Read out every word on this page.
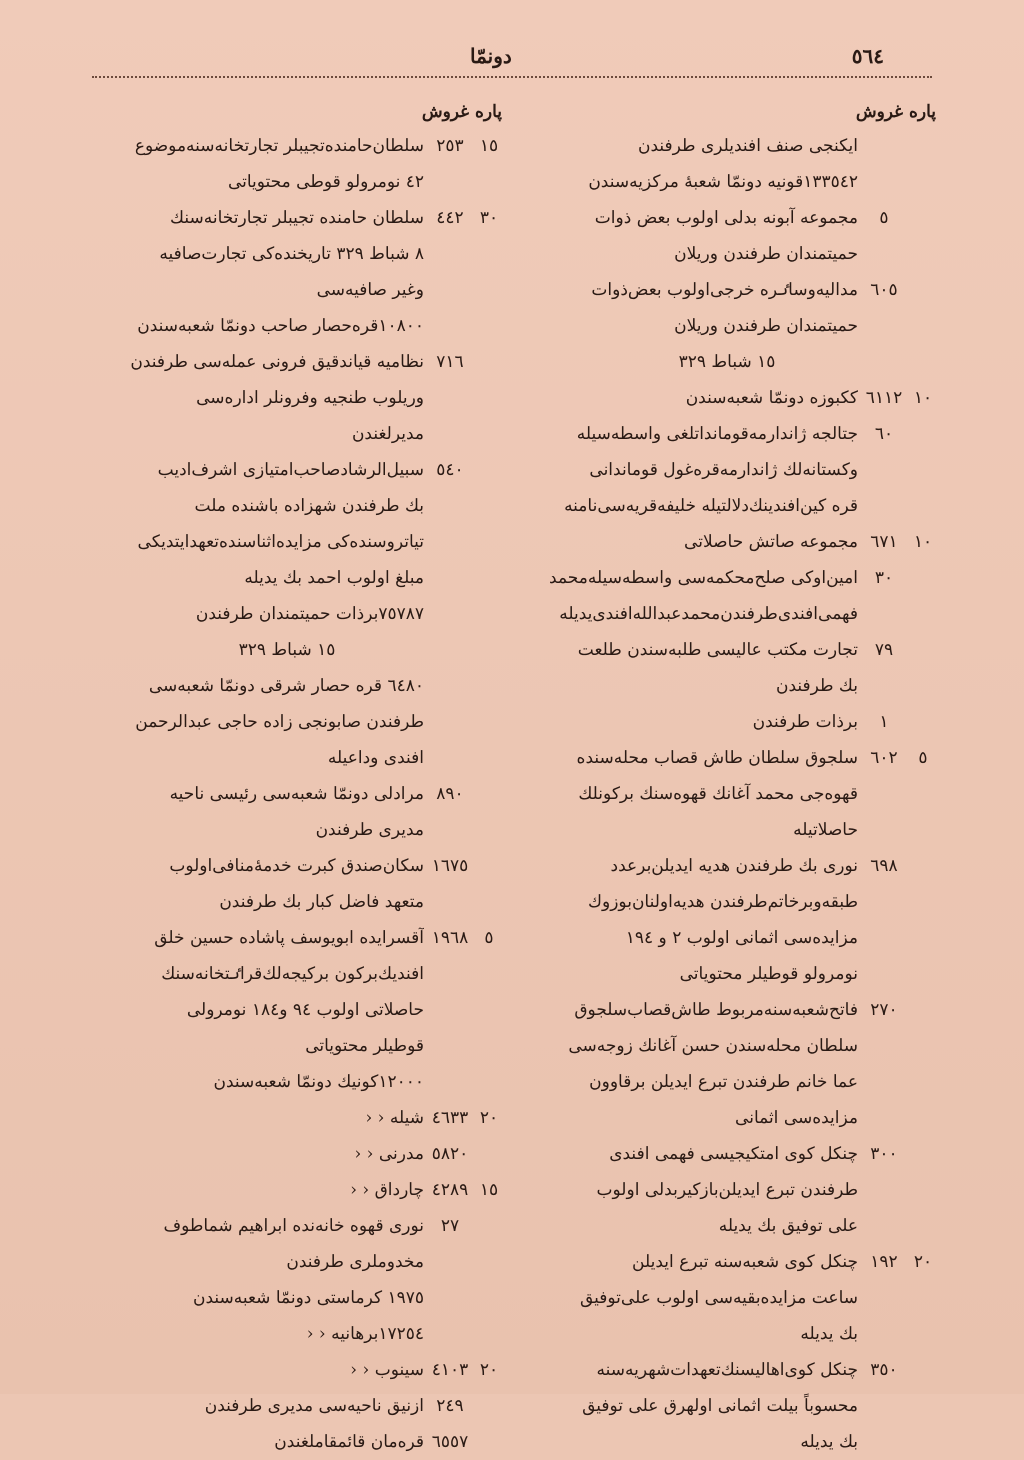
٥٦٤
دونمّا
پاره غروش
ايكنجى صنف افنديلرى طرفندن
١٣٣٥٤٢قونيه دونمّا شعبهٔ مركزيه‌سندن
٥
مجموعه آبونه بدلى اولوب بعض ذوات
حميتمندان طرفندن وريلان
٦٠٥
مداليه‌وساٸره خرجى‌اولوب بعض‌ذوات
حميتمندان طرفندن وريلان
١٥ شباط ٣٢٩
١٠
٦١١٢
ككبوزه دونمّا شعبه‌سندن
٦٠
جتالجه ژاندارمه‌قومانداتلغى واسطه‌سيله
وكستانه‌لك ژاندارمه‌قره‌غول قوماندانى
قره كين‌افندينك‌دلالتيله خليفه‌قريه‌سى‌نامنه
١٠
٦٧١
مجموعه صاتش حاصلاتى
٣٠
امين‌اوكى صلح‌محكمه‌سى واسطه‌سيله‌محمد
فهمى‌افندى‌طرفندن‌محمدعبدالله‌افندى‌يديله
٧٩
تجارت مكتب عاليسى طلبه‌سندن طلعت
بك طرفندن
١
برذات طرفندن
٥
٦٠٢
سلجوق سلطان طاش قصاب محله‌سنده
قهوه‌جى محمد آغانك قهوه‌سنك بركونلك
حاصلاتيله
٦٩٨
نورى بك طرفندن هديه ايديلن‌برعدد
طبقه‌وبرخاتم‌طرفندن هديه‌اولنان‌بوزوك
مزايده‌سى اثمانى اولوب ٢ و ١٩٤
نومرولو قوطيلر محتوياتى
٢٧٠
فاتح‌شعبه‌سنه‌مربوط طاش‌قصاب‌سلجوق
سلطان محله‌سندن حسن آغانك زوجه‌سى
عما خانم طرفندن تبرع ايديلن برقاوون
مزايده‌سى اثمانى
٣٠٠
چنكل كوى امتكيجيسى فهمى افندى
طرفندن تبرع ايديلن‌بازكيربدلى اولوب
على توفيق بك يديله
٢٠
١٩٢
چنكل كوى شعبه‌سنه تبرع ايديلن
ساعت مزايده‌بقيه‌سى اولوب على‌توفيق
بك يديله
٣٥٠
چنكل كوى‌اهاليسنك‌تعهدات‌شهريه‌سنه
محسوباً بيلت اثمانى اولهرق على توفيق
بك يديله
پاره غروش
١٥
٢٥٣
سلطان‌حامنده‌تجيبلر تجارتخانه‌سنه‌موضوع
٤٢ نومرولو قوطى محتوياتى
٣٠
٤٤٢
سلطان حامنده تجيبلر تجارتخانه‌سنك
٨ شباط ٣٢٩ تاريخنده‌كى تجارت‌صافيه
وغير صافيه‌سى
١٠٨٠٠قره‌حصار صاحب دونمّا شعبه‌سندن
٧١٦
نظاميه قياندقيق فرونى عمله‌سى طرفندن
وريلوب طنجيه وفرونلر اداره‌سى
مديرلغندن
٥٤٠
سبيل‌الرشاد‌صاحب‌امتيازى اشرف‌اديب
بك طرفندن شهزاده باشنده ملت
تياترو‌سنده‌كى مزايده‌اثناسنده‌تعهدايتديكى
مبلغ اولوب احمد بك يديله
٧٥٧٨٧برذات حميتمندان طرفندن
١٥ شباط ٣٢٩
٦٤٨٠ قره حصار شرقى دونمّا شعبه‌سى
طرفندن صابونجى زاده حاجى عبدالرحمن
افندى وداعيله
٨٩٠
مرادلى دونمّا شعبه‌سى رئيسى ناحيه
مديرى طرفندن
١٦٧٥
سكان‌صندق كبرت خدمهٔ‌منافى‌اولوب
متعهد فاضل كبار بك طرفندن
٥
١٩٦٨
آقسرايده ابويوسف پاشاده حسين خلق
افنديك‌بركون بركيجه‌لك‌قراٸتخانه‌سنك
حاصلاتى اولوب ٩٤ و١٨٤ نومرولى
قوطيلر محتوياتى
١٢٠٠٠كونيك دونمّا شعبه‌سندن
٢٠
٤٦٣٣
شيله ‹ ‹
٥٨٢٠
مدرنى ‹ ‹
١٥
٤٢٨٩
چارداق ‹ ‹
٢٧
نورى قهوه خانه‌نده ابراهيم شماطوف
مخدوملرى طرفندن
١٩٧٥ كرماستى دونمّا شعبه‌سندن
١٧٢٥٤برهانيه ‹ ‹
٢٠
٤١٠٣
سينوب ‹ ‹
٢٤٩
ازنيق ناحيه‌سى مديرى طرفندن
٦٥٥٧
قرەمان قائمقاملغندن
